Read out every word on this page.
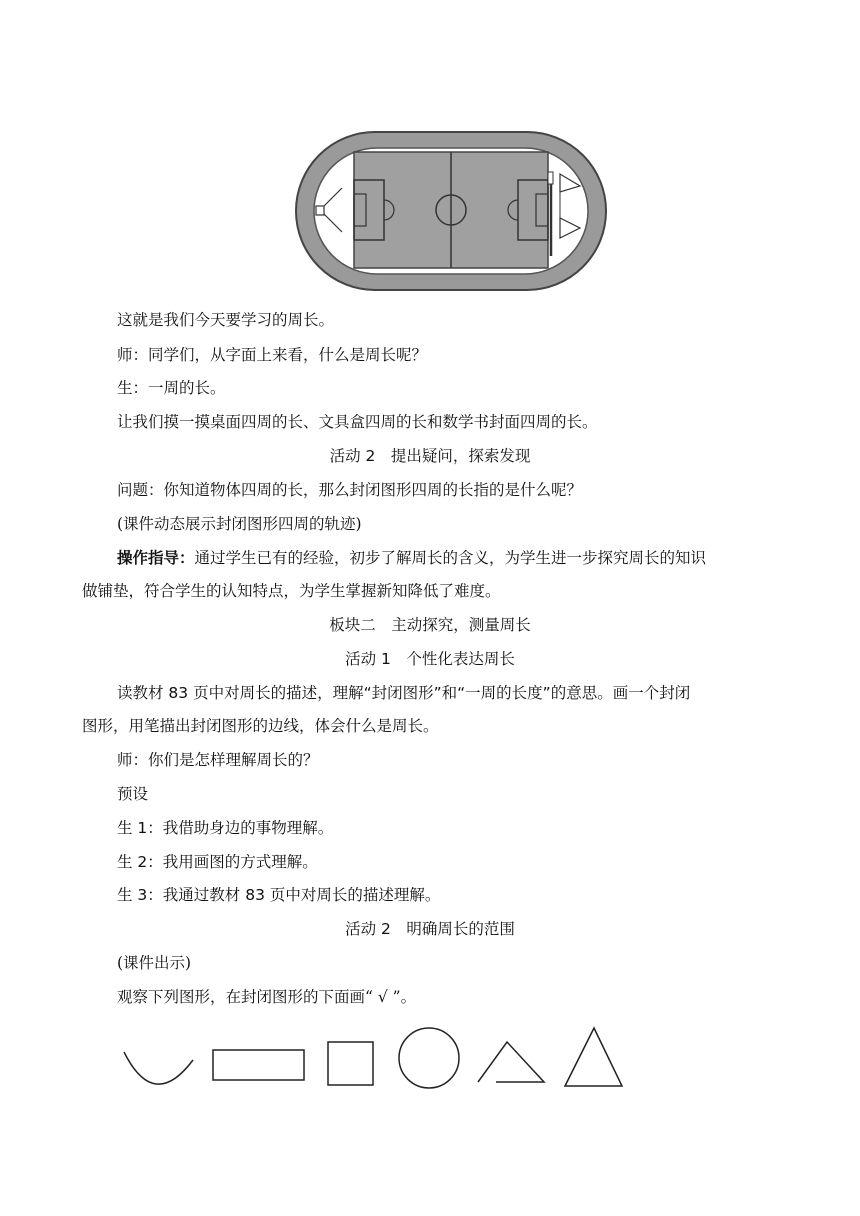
这就是我们今天要学习的周长。
师：同学们，从字面上来看，什么是周长呢？
生：一周的长。
让我们摸一摸桌面四周的长、文具盒四周的长和数学书封面四周的长。
活动 2　提出疑问，探索发现
问题：你知道物体四周的长，那么封闭图形四周的长指的是什么呢？
(课件动态展示封闭图形四周的轨迹)
操作指导：通过学生已有的经验，初步了解周长的含义，为学生进一步探究周长的知识
做铺垫，符合学生的认知特点，为学生掌握新知降低了难度。
板块二　主动探究，测量周长
活动 1　个性化表达周长
读教材 83 页中对周长的描述，理解“封闭图形”和“一周的长度”的意思。画一个封闭
图形，用笔描出封闭图形的边线，体会什么是周长。
师：你们是怎样理解周长的？
预设
生 1：我借助身边的事物理解。
生 2：我用画图的方式理解。
生 3：我通过教材 83 页中对周长的描述理解。
活动 2　明确周长的范围
(课件出示)
观察下列图形，在封闭图形的下面画“ √ ”。
